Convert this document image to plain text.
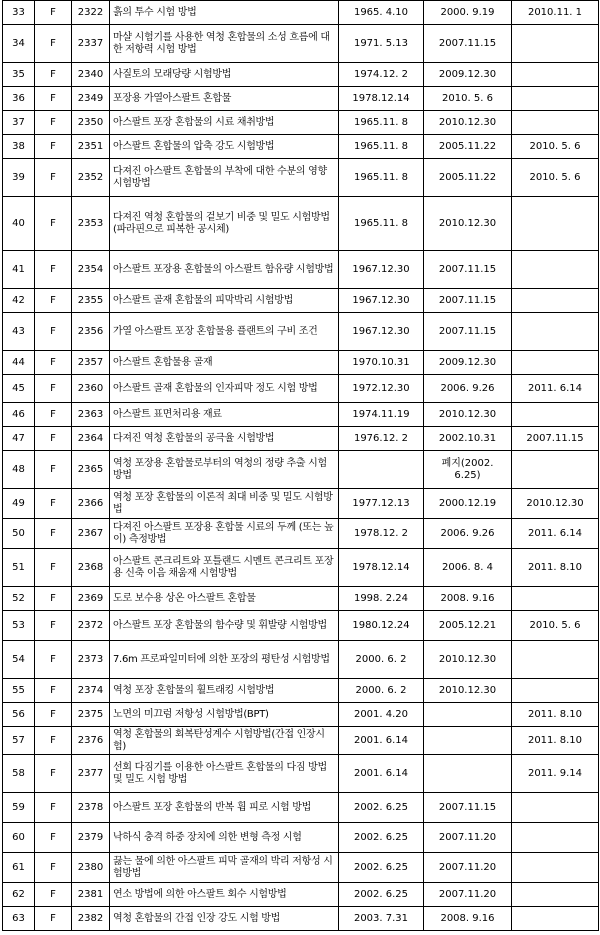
33	F	2322	흙의 투수 시험 방법	1965. 4.10	2000. 9.19	2010.11. 1
34	F	2337	마샬 시험기를 사용한 역청 혼합물의 소성 흐름에 대한 저항력 시험 방법	1971. 5.13	2007.11.15	
35	F	2340	사질토의 모래당량 시험방법	1974.12. 2	2009.12.30	
36	F	2349	포장용 가열아스팔트 혼합물	1978.12.14	2010. 5. 6	
37	F	2350	아스팔트 포장 혼합물의 시료 채취방법	1965.11. 8	2010.12.30	
38	F	2351	아스팔트 혼합물의 압축 강도 시험방법	1965.11. 8	2005.11.22	2010. 5. 6
39	F	2352	다져진 아스팔트 혼합물의 부착에 대한 수분의 영향 시험방법	1965.11. 8	2005.11.22	2010. 5. 6
40	F	2353	다져진 역청 혼합물의 겉보기 비중 및 밀도 시험방법
(파라핀으로 피복한 공시체)	1965.11. 8	2010.12.30	
41	F	2354	아스팔트 포장용 혼합물의 아스팔트 함유량 시험방법	1967.12.30	2007.11.15	
42	F	2355	아스팔트 골재 혼합물의 피막박리 시험방법	1967.12.30	2007.11.15	
43	F	2356	가열 아스팔트 포장 혼합물용 플랜트의 구비 조건	1967.12.30	2007.11.15	
44	F	2357	아스팔트 혼합물용 골재	1970.10.31	2009.12.30	
45	F	2360	아스팔트 골재 혼합물의 인자피막 정도 시험 방법	1972.12.30	2006. 9.26	2011. 6.14
46	F	2363	아스팔트 표면처리용 재료	1974.11.19	2010.12.30	
47	F	2364	다져진 역청 혼합물의 공극율 시험방법	1976.12. 2	2002.10.31	2007.11.15
48	F	2365	역청 포장용 혼합물로부터의 역청의 정량 추출 시험방법		폐지(2002. 6.25)	
49	F	2366	역청 포장 혼합물의 이론적 최대 비중 및 밀도 시험방법	1977.12.13	2000.12.19	2010.12.30
50	F	2367	다져진 아스팔트 포장용 혼합물 시료의 두께 (또는 높이) 측정방법	1978.12. 2	2006. 9.26	2011. 6.14
51	F	2368	아스팔트 콘크리트와 포틀랜드 시멘트 콘크리트 포장용 신축 이음 채움재 시험방법	1978.12.14	2006. 8. 4	2011. 8.10
52	F	2369	도로 보수용 상온 아스팔트 혼합물	1998. 2.24	2008. 9.16	
53	F	2372	아스팔트 포장 혼합물의 함수량 및 휘발량 시험방법	1980.12.24	2005.12.21	2010. 5. 6
54	F	2373	7.6m 프로파일미터에 의한 포장의 평탄성 시험방법	2000. 6. 2	2010.12.30	
55	F	2374	역청 포장 혼합물의 휠트래킹 시험방법	2000. 6. 2	2010.12.30	
56	F	2375	노면의 미끄럼 저항성 시험방법(BPT)	2001. 4.20		2011. 8.10
57	F	2376	역청 혼합물의 회복탄성계수 시험방법(간접 인장시험)	2001. 6.14		2011. 8.10
58	F	2377	선회 다짐기를 이용한 아스팔트 혼합물의 다짐 방법 및 밀도 시험 방법	2001. 6.14		2011. 9.14
59	F	2378	아스팔트 포장 혼합물의 반복 휨 피로 시험 방법	2002. 6.25	2007.11.15	
60	F	2379	낙하식 충격 하중 장치에 의한 변형 측정 시험	2002. 6.25	2007.11.20	
61	F	2380	끓는 물에 의한 아스팔트 피막 골재의 박리 저항성 시험방법	2002. 6.25	2007.11.20	
62	F	2381	연소 방법에 의한 아스팔트 회수 시험방법	2002. 6.25	2007.11.20	
63	F	2382	역청 혼합물의 간접 인장 강도 시험 방법	2003. 7.31	2008. 9.16	
